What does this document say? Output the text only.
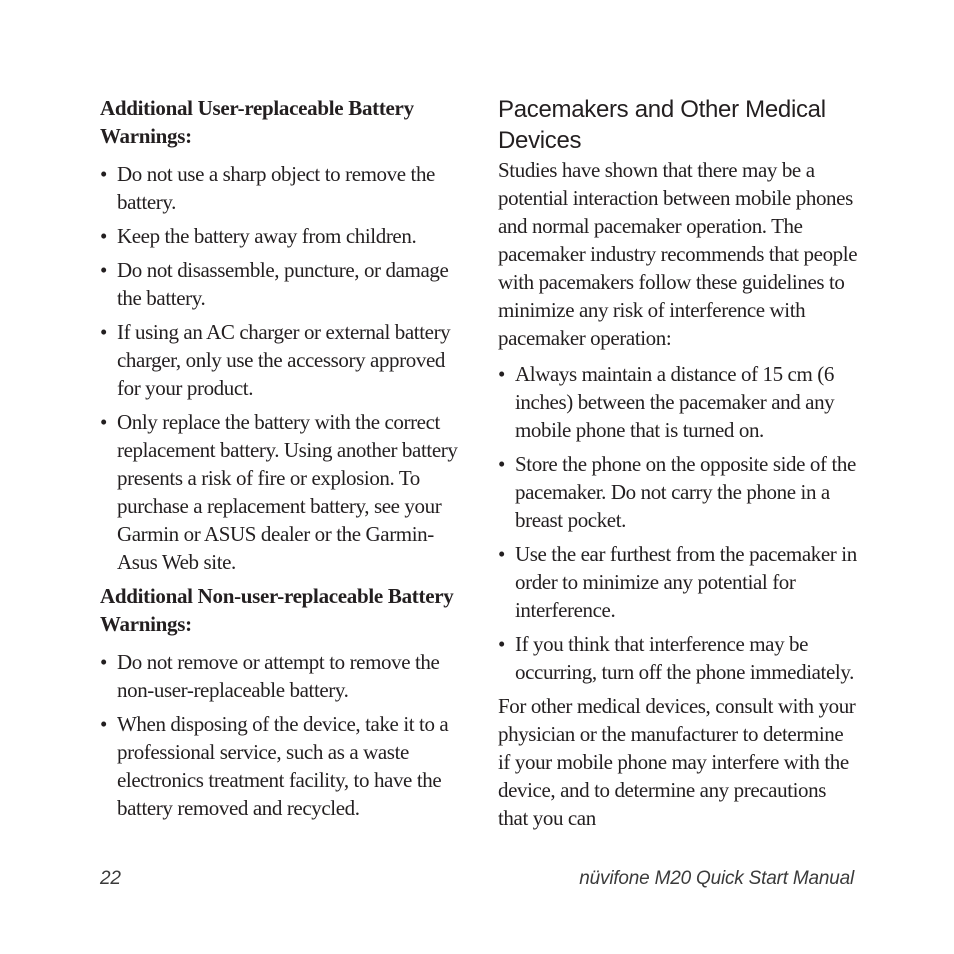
Additional User-replaceable Battery Warnings:
• Do not use a sharp object to remove the battery.
• Keep the battery away from children.
• Do not disassemble, puncture, or damage the battery.
• If using an AC charger or external battery charger, only use the accessory approved for your product.
• Only replace the battery with the correct replacement battery. Using another battery presents a risk of fire or explosion. To purchase a replacement battery, see your Garmin or ASUS dealer or the Garmin-Asus Web site.
Additional Non-user-replaceable Battery Warnings:
• Do not remove or attempt to remove the non-user-replaceable battery.
• When disposing of the device, take it to a professional service, such as a waste electronics treatment facility, to have the battery removed and recycled.
Pacemakers and Other Medical Devices

Studies have shown that there may be a potential interaction between mobile phones and normal pacemaker operation. The pacemaker industry recommends that people with pacemakers follow these guidelines to minimize any risk of interference with pacemaker operation:

• Always maintain a distance of 15 cm (6 inches) between the pacemaker and any mobile phone that is turned on.
• Store the phone on the opposite side of the pacemaker. Do not carry the phone in a breast pocket.
• Use the ear furthest from the pacemaker in order to minimize any potential for interference.
• If you think that interference may be occurring, turn off the phone immediately.

For other medical devices, consult with your physician or the manufacturer to determine if your mobile phone may interfere with the device, and to determine any precautions that you can

22	nüvifone M20 Quick Start Manual
